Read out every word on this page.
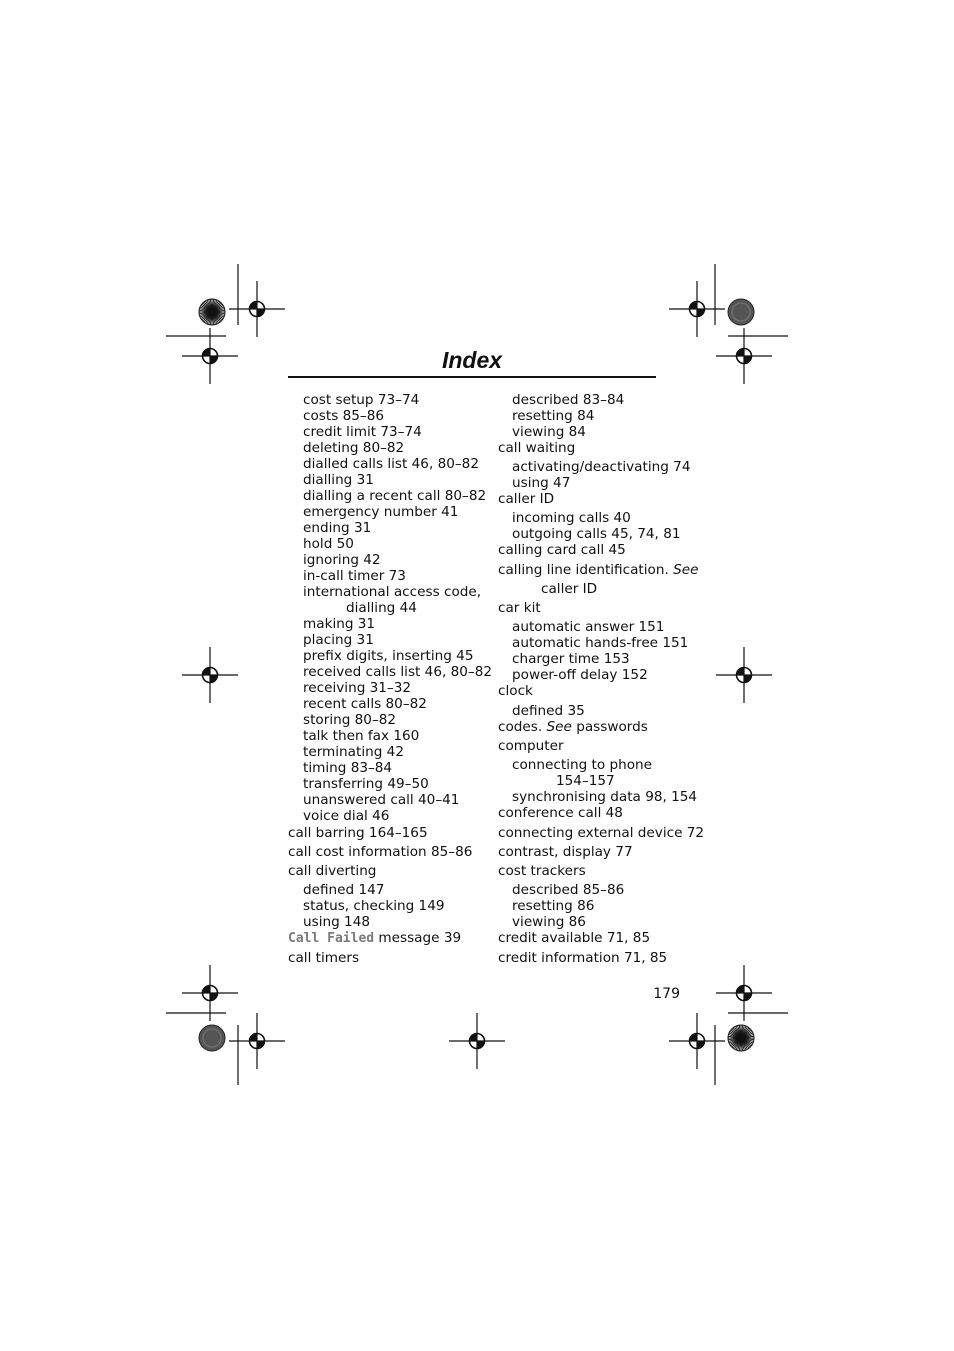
Index
cost setup 73–74
costs 85–86
credit limit 73–74
deleting 80–82
dialled calls list 46, 80–82
dialling 31
dialling a recent call 80–82
emergency number 41
ending 31
hold 50
ignoring 42
in-call timer 73
international access code,
dialling 44
making 31
placing 31
prefix digits, inserting 45
received calls list 46, 80–82
receiving 31–32
recent calls 80–82
storing 80–82
talk then fax 160
terminating 42
timing 83–84
transferring 49–50
unanswered call 40–41
voice dial 46
call barring 164–165
call cost information 85–86
call diverting
defined 147
status, checking 149
using 148
Call Failed message 39
call timers
described 83–84
resetting 84
viewing 84
call waiting
activating/deactivating 74
using 47
caller ID
incoming calls 40
outgoing calls 45, 74, 81
calling card call 45
calling line identification. See
caller ID
car kit
automatic answer 151
automatic hands-free 151
charger time 153
power-off delay 152
clock
defined 35
codes. See passwords
computer
connecting to phone
154–157
synchronising data 98, 154
conference call 48
connecting external device 72
contrast, display 77
cost trackers
described 85–86
resetting 86
viewing 86
credit available 71, 85
credit information 71, 85
179
